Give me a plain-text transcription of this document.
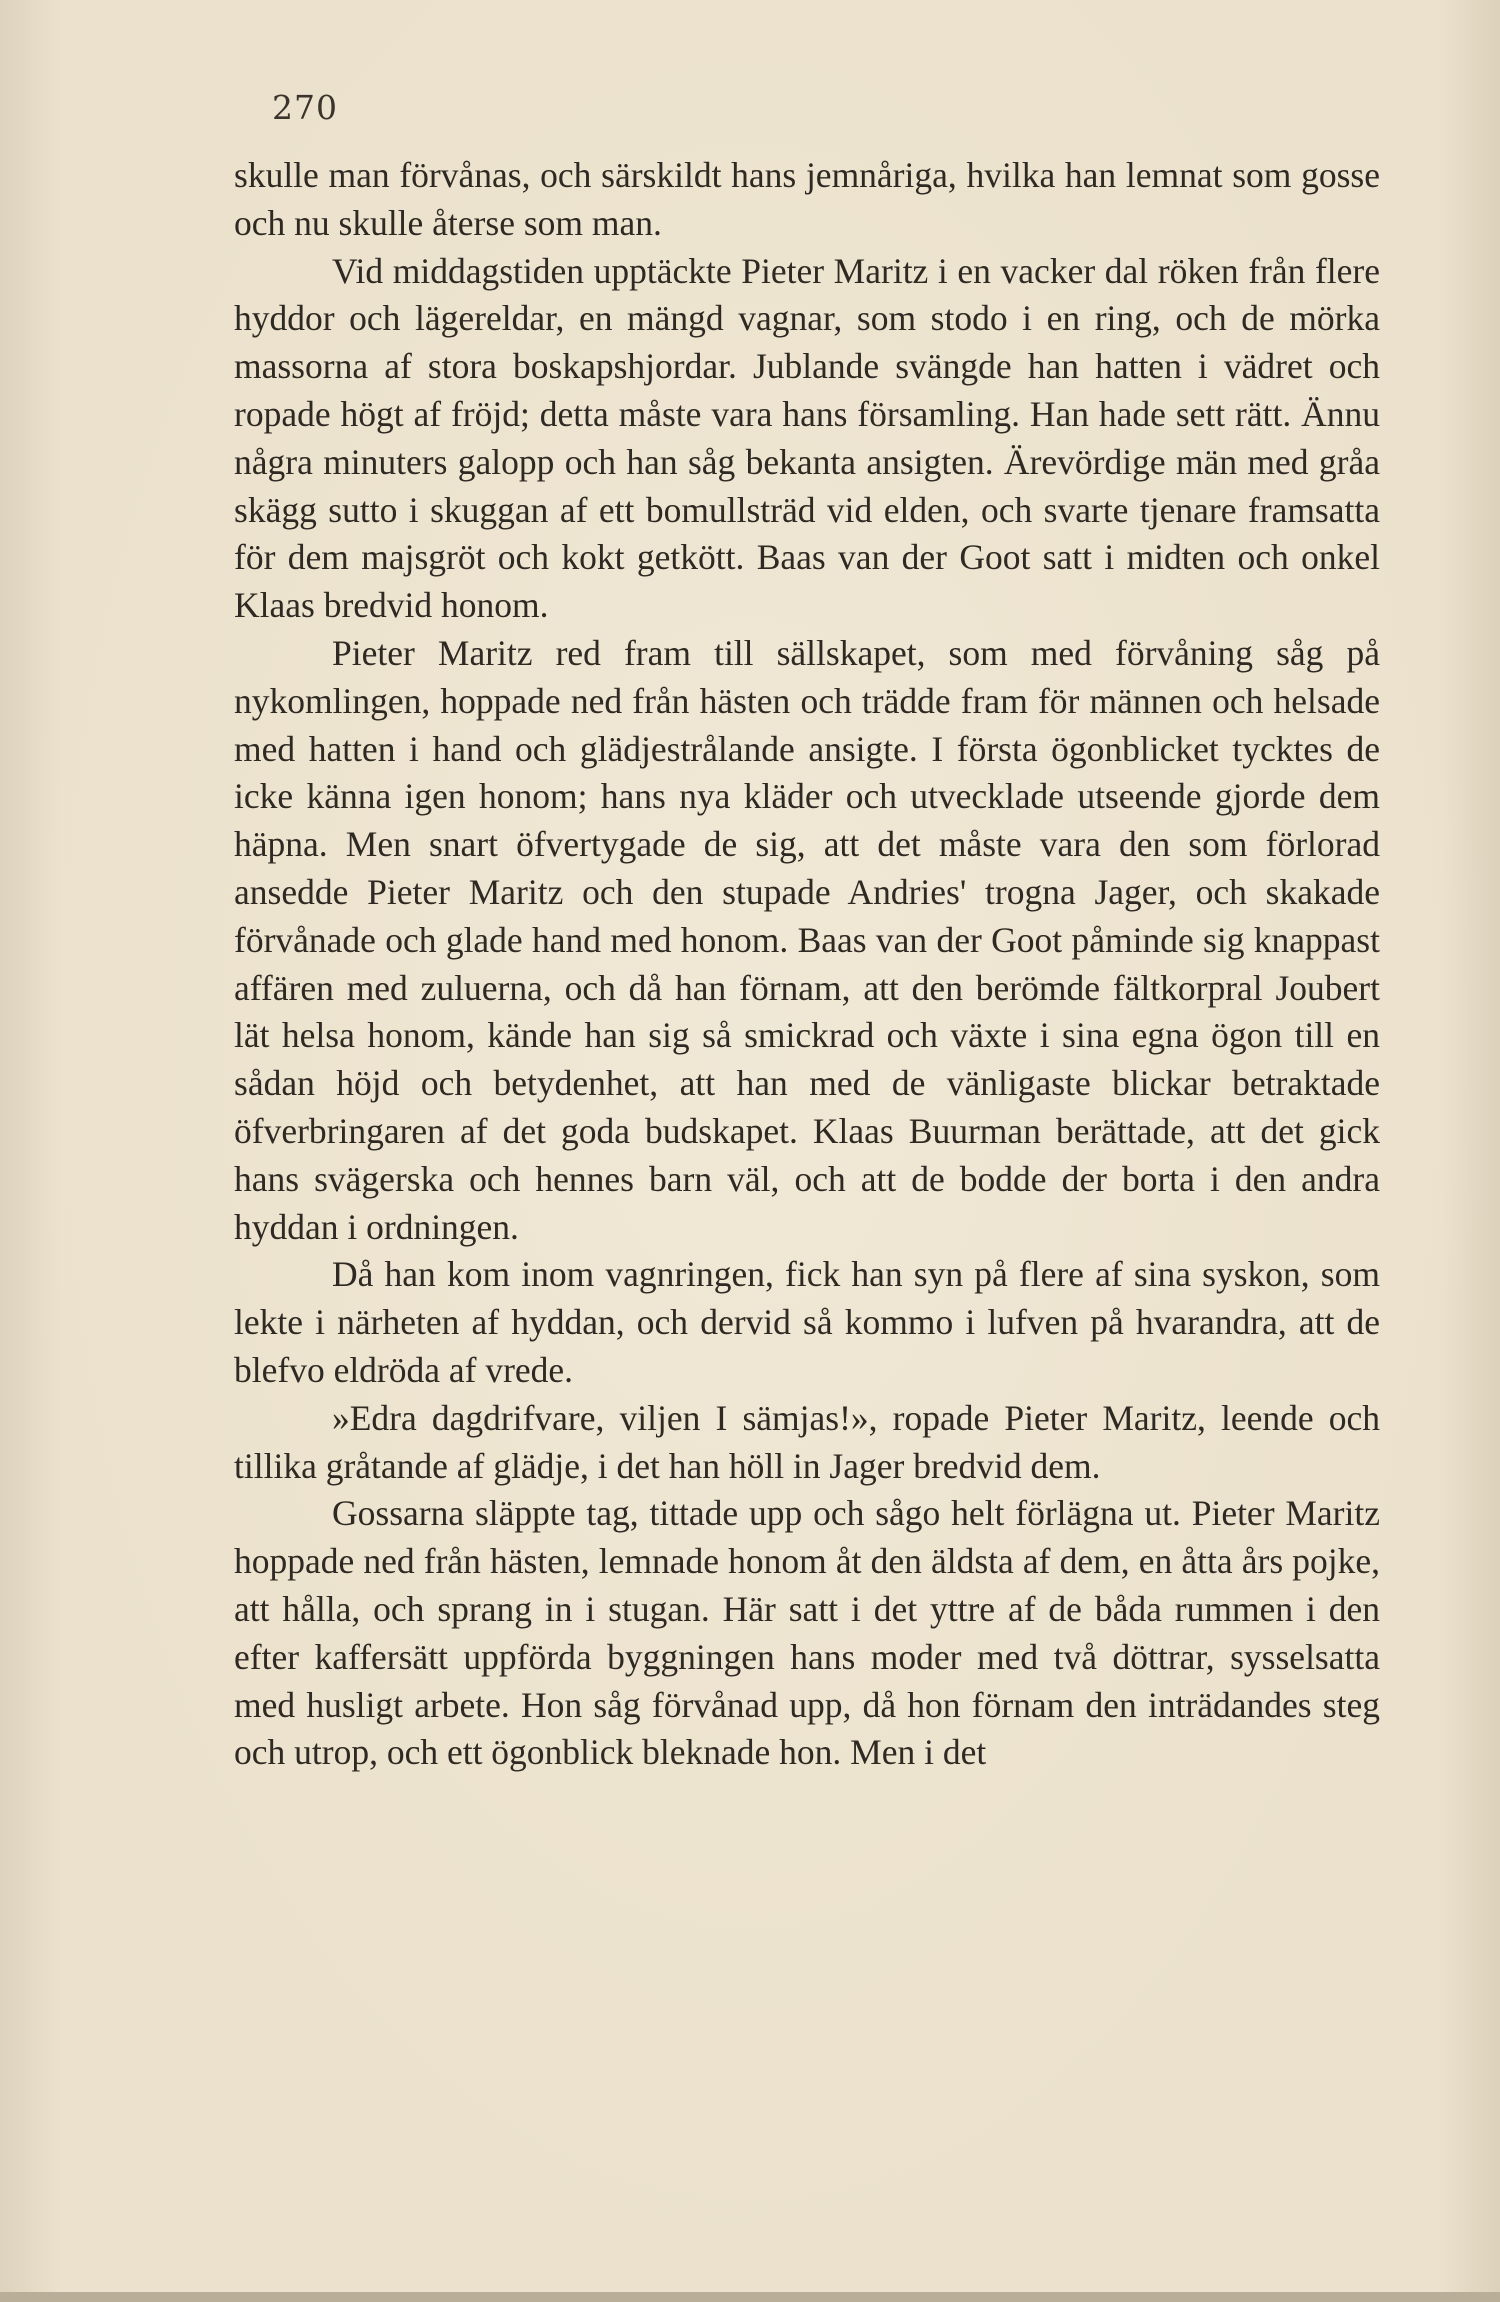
270

skulle man förvånas, och särskildt hans jemnåriga, hvilka han lemnat som gosse och nu skulle återse som man.

Vid middagstiden upptäckte Pieter Maritz i en vacker dal röken från flere hyddor och lägereldar, en mängd vagnar, som stodo i en ring, och de mörka massorna af stora boskapshjordar. Jublande svängde han hatten i vädret och ropade högt af fröjd; detta måste vara hans församling. Han hade sett rätt. Ännu några minuters galopp och han såg bekanta ansigten. Ärevördige män med gråa skägg sutto i skuggan af ett bomullsträd vid elden, och svarte tjenare framsatta för dem majsgröt och kokt getkött. Baas van der Goot satt i midten och onkel Klaas bredvid honom.

Pieter Maritz red fram till sällskapet, som med förvåning såg på nykomlingen, hoppade ned från hästen och trädde fram för männen och helsade med hatten i hand och glädjestrålande ansigte. I första ögonblicket tycktes de icke känna igen honom; hans nya kläder och utvecklade utseende gjorde dem häpna. Men snart öfvertygade de sig, att det måste vara den som förlorad ansedde Pieter Maritz och den stupade Andries' trogna Jager, och skakade förvånade och glade hand med honom. Baas van der Goot påminde sig knappast affären med zuluerna, och då han förnam, att den berömde fältkorpral Joubert lät helsa honom, kände han sig så smickrad och växte i sina egna ögon till en sådan höjd och betydenhet, att han med de vänligaste blickar betraktade öfverbringaren af det goda budskapet. Klaas Buurman berättade, att det gick hans svägerska och hennes barn väl, och att de bodde der borta i den andra hyddan i ordningen.

Då han kom inom vagnringen, fick han syn på flere af sina syskon, som lekte i närheten af hyddan, och dervid så kommo i lufven på hvarandra, att de blefvo eldröda af vrede.

»Edra dagdrifvare, viljen I sämjas!», ropade Pieter Maritz, leende och tillika gråtande af glädje, i det han höll in Jager bredvid dem.

Gossarna släppte tag, tittade upp och sågo helt förlägna ut. Pieter Maritz hoppade ned från hästen, lemnade honom åt den äldsta af dem, en åtta års pojke, att hålla, och sprang in i stugan. Här satt i det yttre af de båda rummen i den efter kaffersätt uppförda byggningen hans moder med två döttrar, sysselsatta med husligt arbete. Hon såg förvånad upp, då hon förnam den inträdandes steg och utrop, och ett ögonblick bleknade hon. Men i det
